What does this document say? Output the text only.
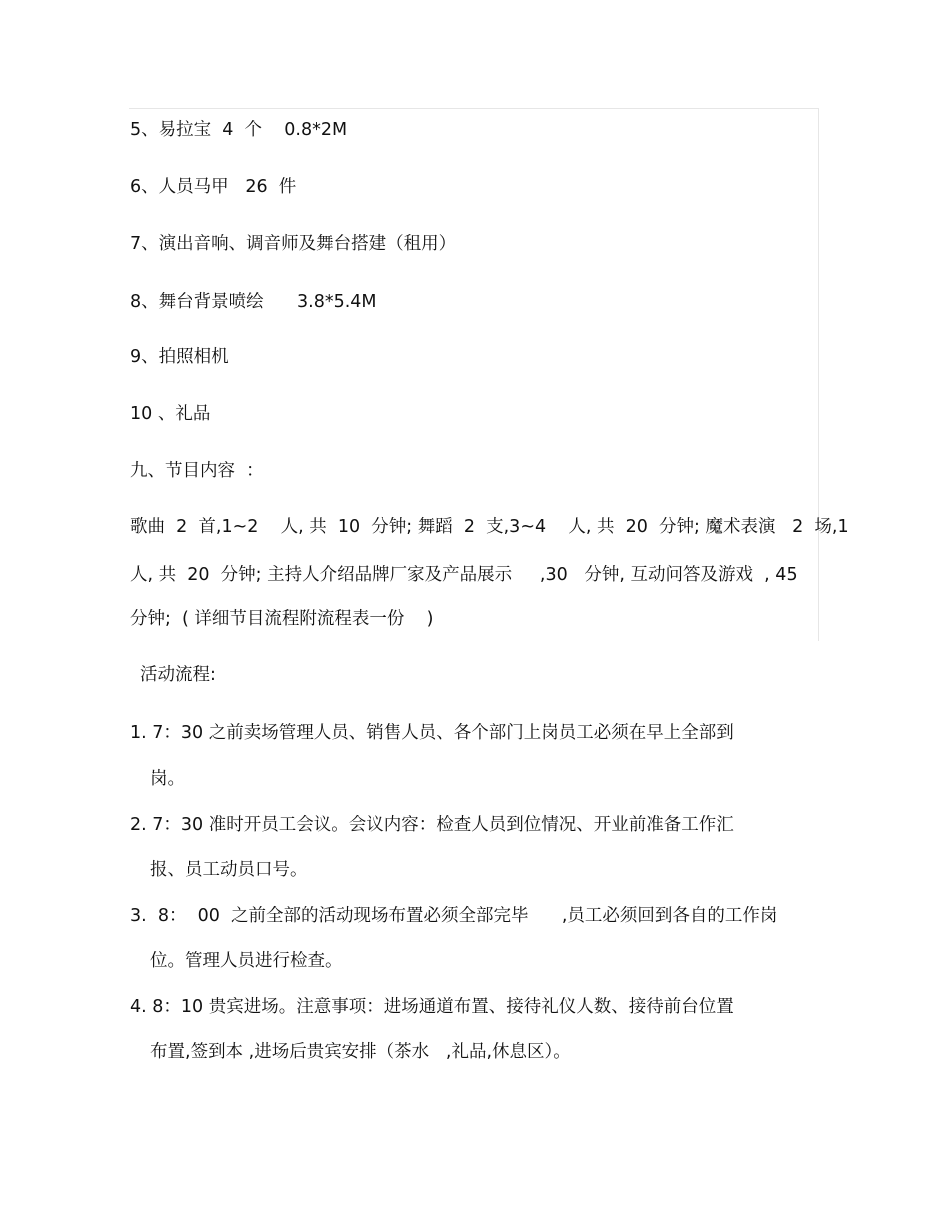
5、易拉宝  4  个    0.8*2M
6、人员马甲   26  件
7、演出音响、调音师及舞台搭建（租用）
8、舞台背景喷绘      3.8*5.4M
9、拍照相机
10 、礼品
九、节目内容  ：
歌曲  2  首,1~2    人, 共  10  分钟; 舞蹈  2  支,3~4    人, 共  20  分钟; 魔术表演   2  场,1
人, 共  20  分钟; 主持人介绍品牌厂家及产品展示     ,30   分钟, 互动问答及游戏  , 45
分钟;  ( 详细节目流程附流程表一份    )
活动流程:
1. 7：30 之前卖场管理人员、销售人员、各个部门上岗员工必须在早上全部到
岗。
2. 7：30 准时开员工会议。会议内容：检查人员到位情况、开业前准备工作汇
报、员工动员口号。
3.  8：  00  之前全部的活动现场布置必须全部完毕      ,员工必须回到各自的工作岗
位。管理人员进行检查。
4. 8：10 贵宾进场。注意事项：进场通道布置、接待礼仪人数、接待前台位置
布置,签到本 ,进场后贵宾安排（茶水   ,礼品,休息区）。
